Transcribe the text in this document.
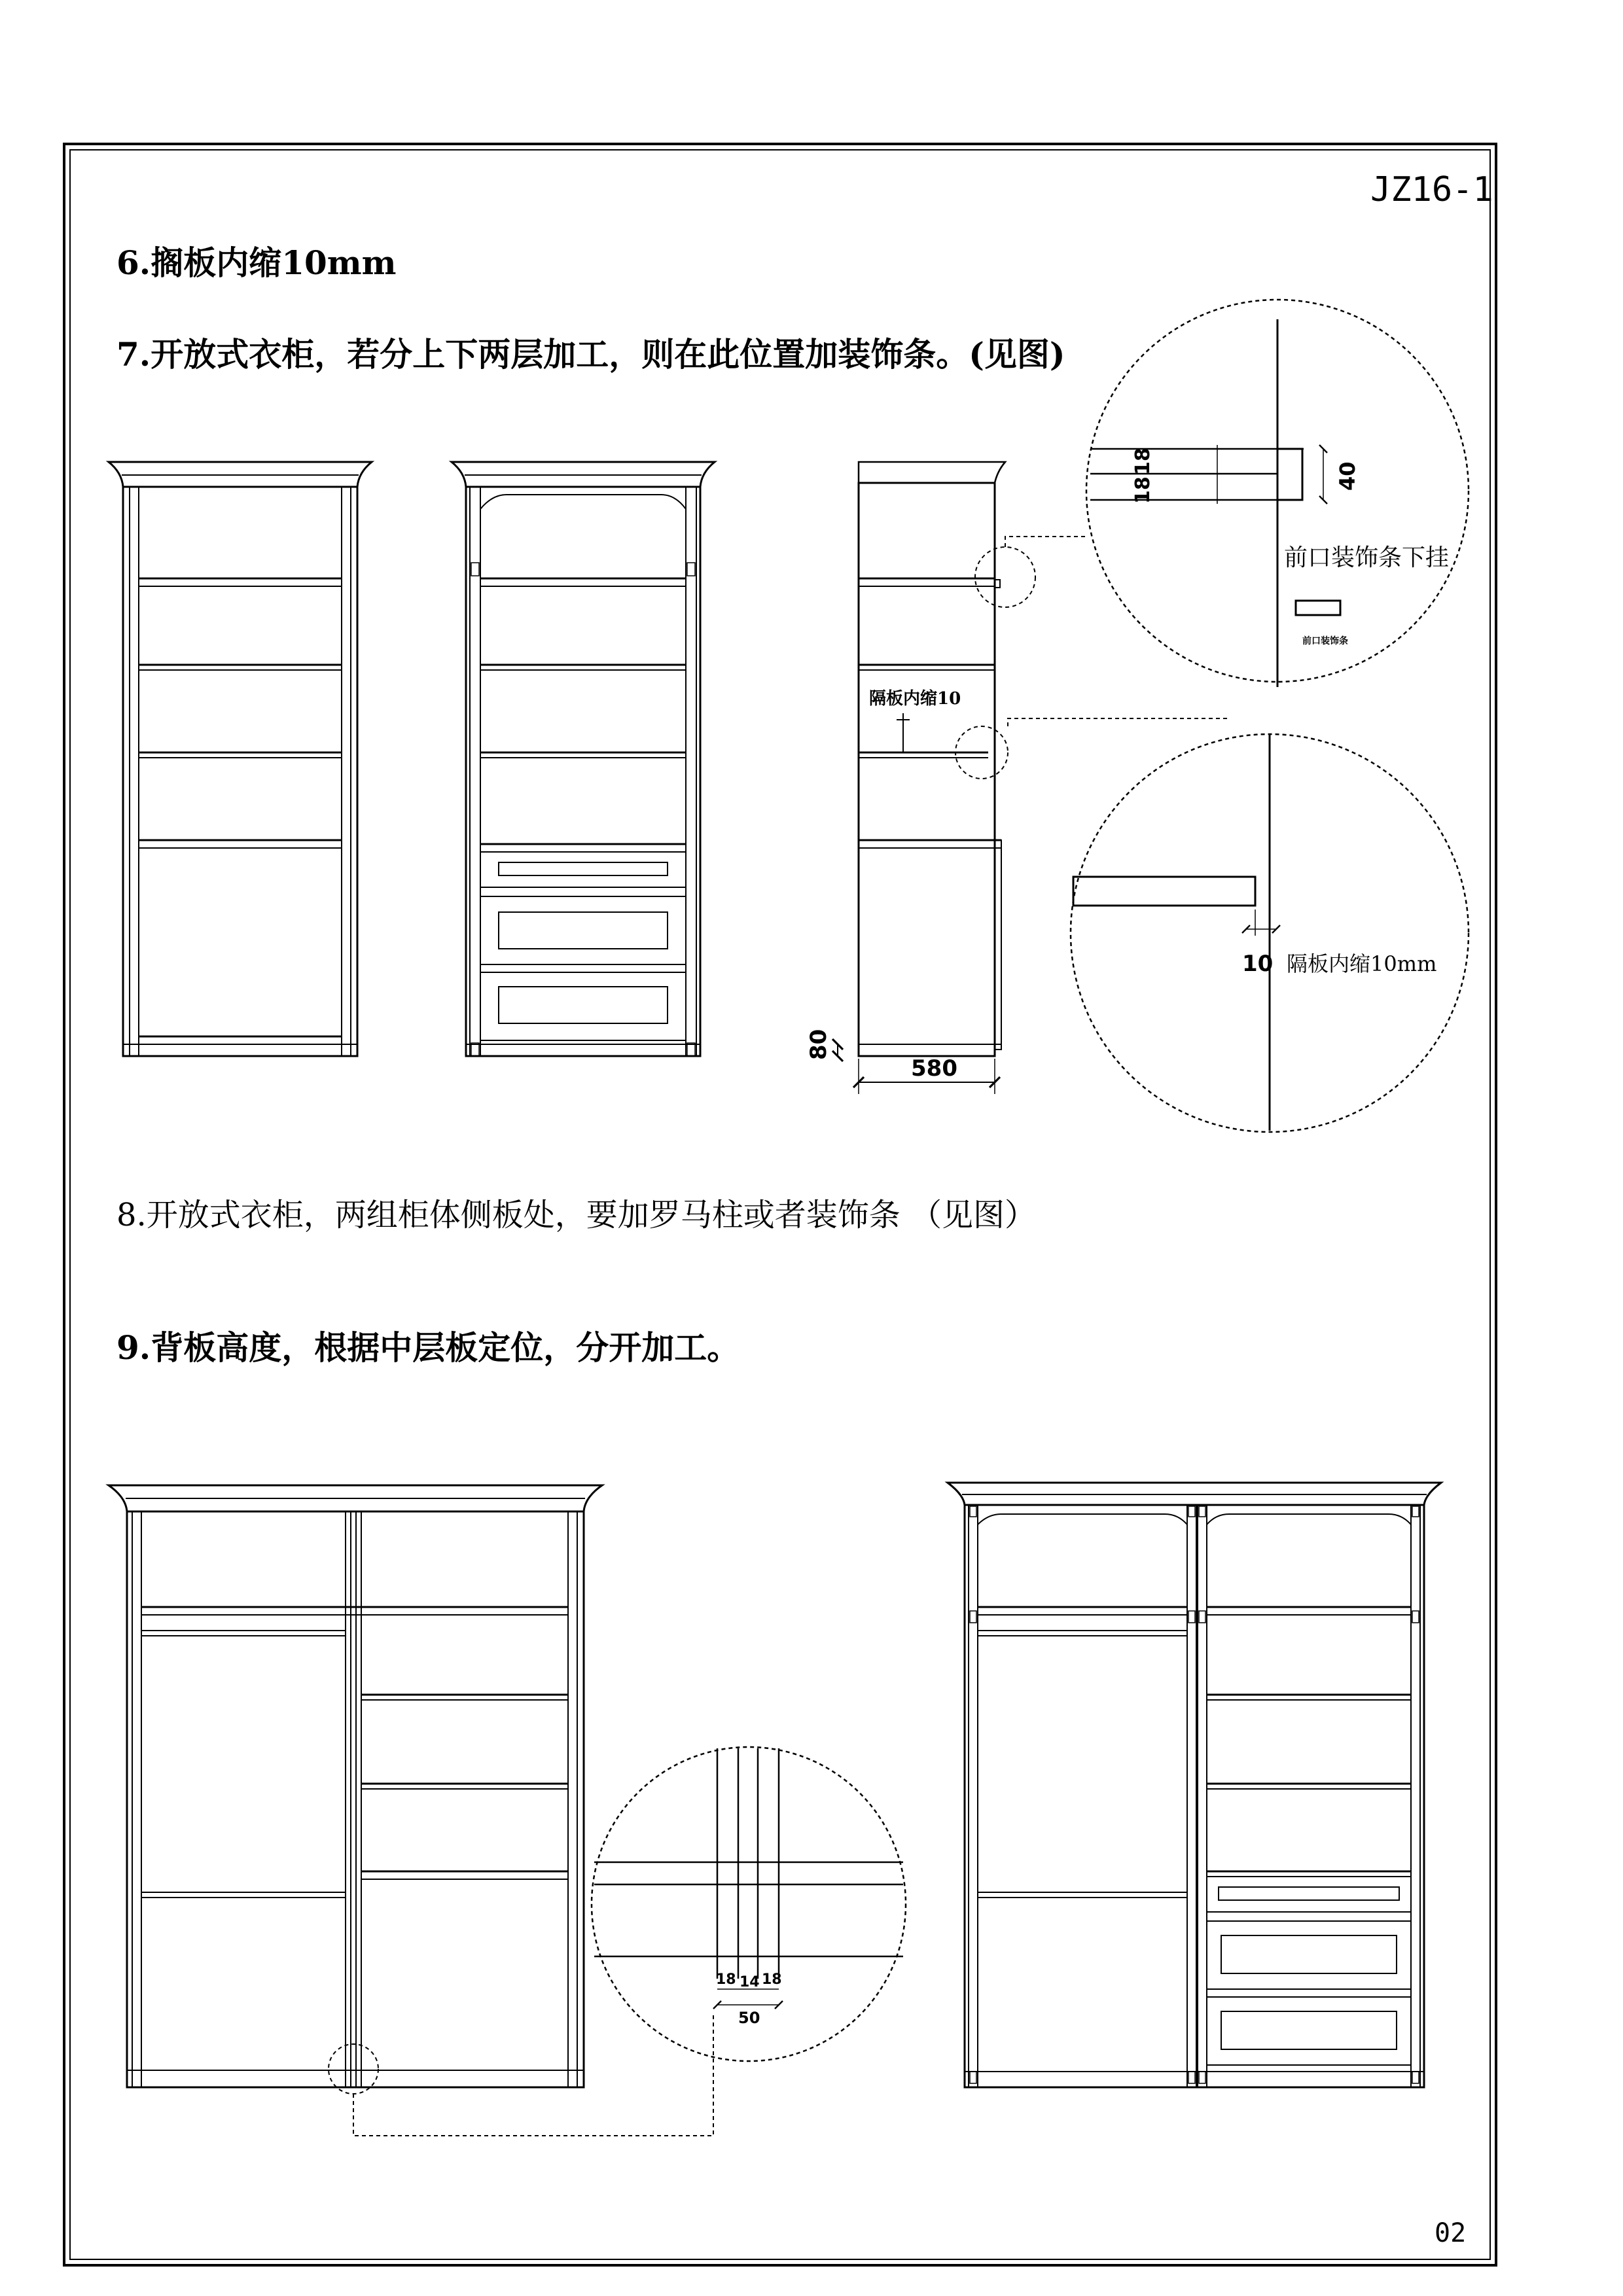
JZ16-1
6.搁板内缩10mm
7.开放式衣柜，若分上下两层加工，则在此位置加装饰条。(见图)
8.开放式衣柜，两组柜体侧板处，要加罗马柱或者装饰条 （见图）
9.背板高度，根据中层板定位，分开加工。
02
隔板内缩10
580
80
18
18	40
前口装饰条下挂
前口装饰条
10 隔板内缩10mm
18 14 18
50
